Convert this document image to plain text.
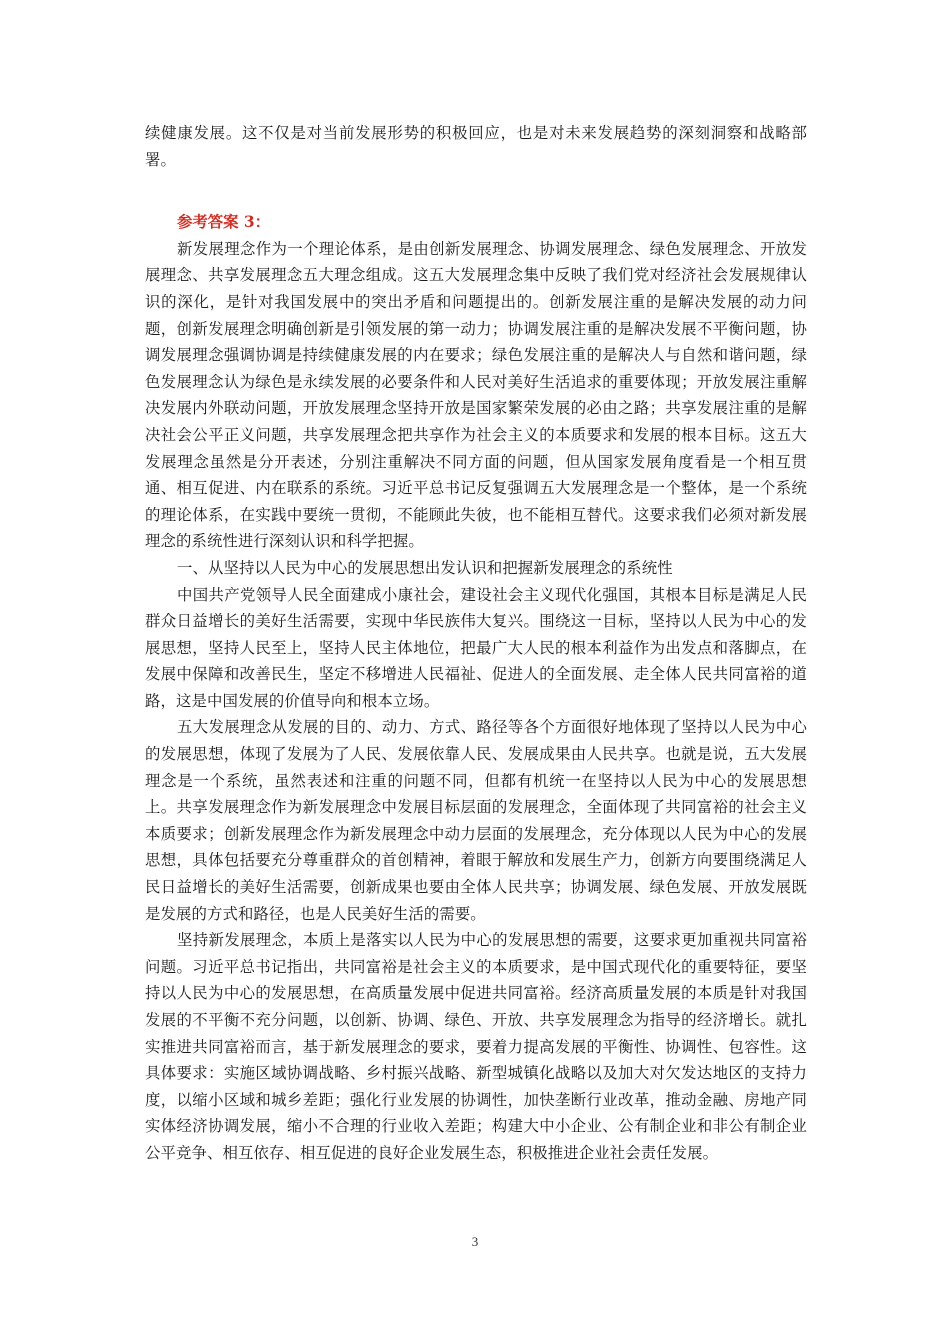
续健康发展。这不仅是对当前发展形势的积极回应，也是对未来发展趋势的深刻洞察和战略部署。

参考答案 3：

新发展理念作为一个理论体系，是由创新发展理念、协调发展理念、绿色发展理念、开放发展理念、共享发展理念五大理念组成。这五大发展理念集中反映了我们党对经济社会发展规律认识的深化，是针对我国发展中的突出矛盾和问题提出的。创新发展注重的是解决发展的动力问题，创新发展理念明确创新是引领发展的第一动力；协调发展注重的是解决发展不平衡问题，协调发展理念强调协调是持续健康发展的内在要求；绿色发展注重的是解决人与自然和谐问题，绿色发展理念认为绿色是永续发展的必要条件和人民对美好生活追求的重要体现；开放发展注重解决发展内外联动问题，开放发展理念坚持开放是国家繁荣发展的必由之路；共享发展注重的是解决社会公平正义问题，共享发展理念把共享作为社会主义的本质要求和发展的根本目标。这五大发展理念虽然是分开表述，分别注重解决不同方面的问题，但从国家发展角度看是一个相互贯通、相互促进、内在联系的系统。习近平总书记反复强调五大发展理念是一个整体，是一个系统的理论体系，在实践中要统一贯彻，不能顾此失彼，也不能相互替代。这要求我们必须对新发展理念的系统性进行深刻认识和科学把握。

一、从坚持以人民为中心的发展思想出发认识和把握新发展理念的系统性

中国共产党领导人民全面建成小康社会，建设社会主义现代化强国，其根本目标是满足人民群众日益增长的美好生活需要，实现中华民族伟大复兴。围绕这一目标，坚持以人民为中心的发展思想，坚持人民至上，坚持人民主体地位，把最广大人民的根本利益作为出发点和落脚点，在发展中保障和改善民生，坚定不移增进人民福祉、促进人的全面发展、走全体人民共同富裕的道路，这是中国发展的价值导向和根本立场。

五大发展理念从发展的目的、动力、方式、路径等各个方面很好地体现了坚持以人民为中心的发展思想，体现了发展为了人民、发展依靠人民、发展成果由人民共享。也就是说，五大发展理念是一个系统，虽然表述和注重的问题不同，但都有机统一在坚持以人民为中心的发展思想上。共享发展理念作为新发展理念中发展目标层面的发展理念，全面体现了共同富裕的社会主义本质要求；创新发展理念作为新发展理念中动力层面的发展理念，充分体现以人民为中心的发展思想，具体包括要充分尊重群众的首创精神，着眼于解放和发展生产力，创新方向要围绕满足人民日益增长的美好生活需要，创新成果也要由全体人民共享；协调发展、绿色发展、开放发展既是发展的方式和路径，也是人民美好生活的需要。

坚持新发展理念，本质上是落实以人民为中心的发展思想的需要，这要求更加重视共同富裕问题。习近平总书记指出，共同富裕是社会主义的本质要求，是中国式现代化的重要特征，要坚持以人民为中心的发展思想，在高质量发展中促进共同富裕。经济高质量发展的本质是针对我国发展的不平衡不充分问题，以创新、协调、绿色、开放、共享发展理念为指导的经济增长。就扎实推进共同富裕而言，基于新发展理念的要求，要着力提高发展的平衡性、协调性、包容性。这具体要求：实施区域协调战略、乡村振兴战略、新型城镇化战略以及加大对欠发达地区的支持力度，以缩小区域和城乡差距；强化行业发展的协调性，加快垄断行业改革，推动金融、房地产同实体经济协调发展，缩小不合理的行业收入差距；构建大中小企业、公有制企业和非公有制企业公平竞争、相互依存、相互促进的良好企业发展生态，积极推进企业社会责任发展。

3
